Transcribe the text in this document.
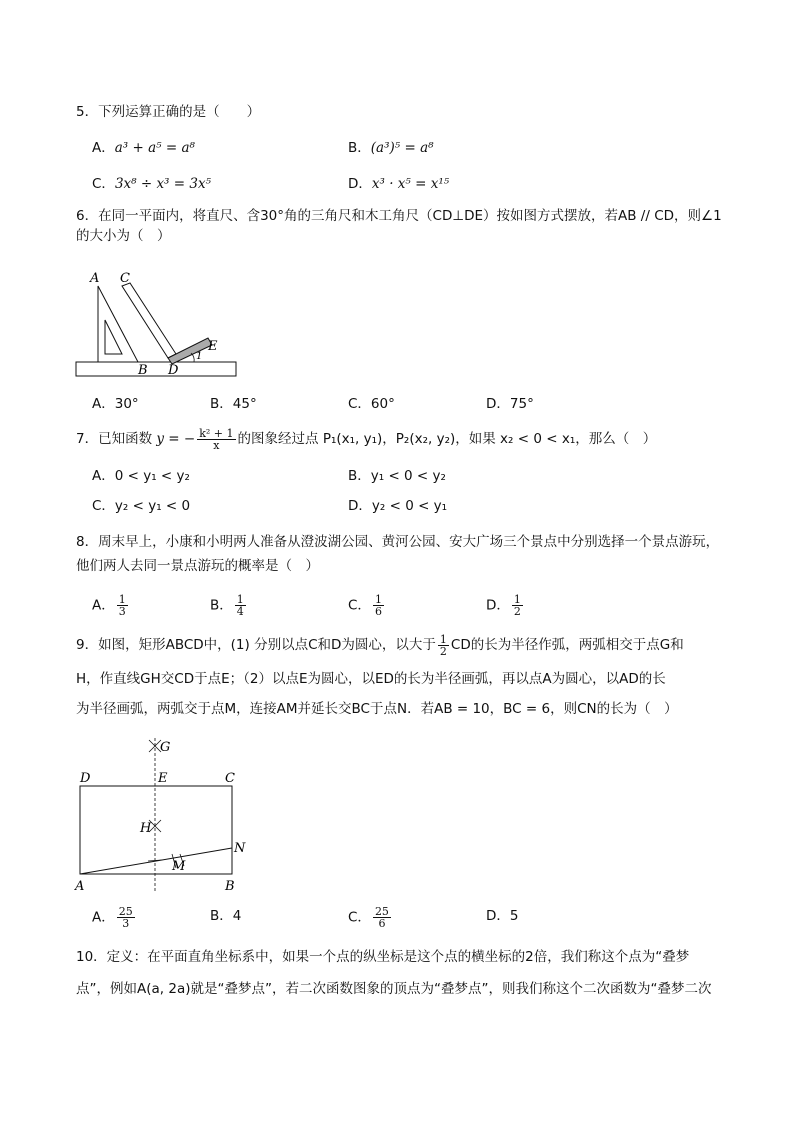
5．下列运算正确的是（　　）
A．a³ + a⁵ = a⁸	B．(a³)⁵ = a⁸
C．3x⁸ ÷ x³ = 3x⁵	D．x³ · x⁵ = x¹⁵
6．在同一平面内，将直尺、含30°角的三角尺和木工角尺（CD⊥DE）按如图方式摆放，若AB // CD，则∠1的大小为（　）
A C
E
1
B D
A．30°	B．45°	C．60°	D．75°
7．已知函数 y = − $\frac{\text{k² + 1}}{x}$ 的图象经过点 P₁(x₁, y₁)，P₂(x₂, y₂)，如果 x₂ < 0 < x₁，那么（　）
A．0 < y₁ < y₂	B．y₁ < 0 < y₂
C．y₂ < y₁ < 0	D．y₂ < 0 < y₁
8．周末早上，小康和小明两人准备从澄波湖公园、黄河公园、安大广场三个景点中分别选择一个景点游玩，他们两人去同一景点游玩的概率是（　）
A． $\frac{1}{3}$	B． $\frac{1}{4}$	C． $\frac{1}{6}$	D． $\frac{1}{2}$
9．如图，矩形ABCD中，(1) 分别以点C和D为圆心，以大于 $\frac{1}{2}$ CD的长为半径作弧，两弧相交于点G和
H，作直线GH交CD于点E；（2）以点E为圆心，以ED的长为半径画弧，再以点A为圆心，以AD的长
为半径画弧，两弧交于点M，连接AM并延长交BC于点N．若AB = 10，BC = 6，则CN的长为（　）
G
D	E	C
H
N
M
A	B
A． $\frac{25}{3}$	B．4	C． $\frac{25}{6}$	D．5
10．定义：在平面直角坐标系中，如果一个点的纵坐标是这个点的横坐标的2倍，我们称这个点为“叠梦
点”，例如A(a, 2a)就是“叠梦点”，若二次函数图象的顶点为“叠梦点”，则我们称这个二次函数为“叠梦二次
